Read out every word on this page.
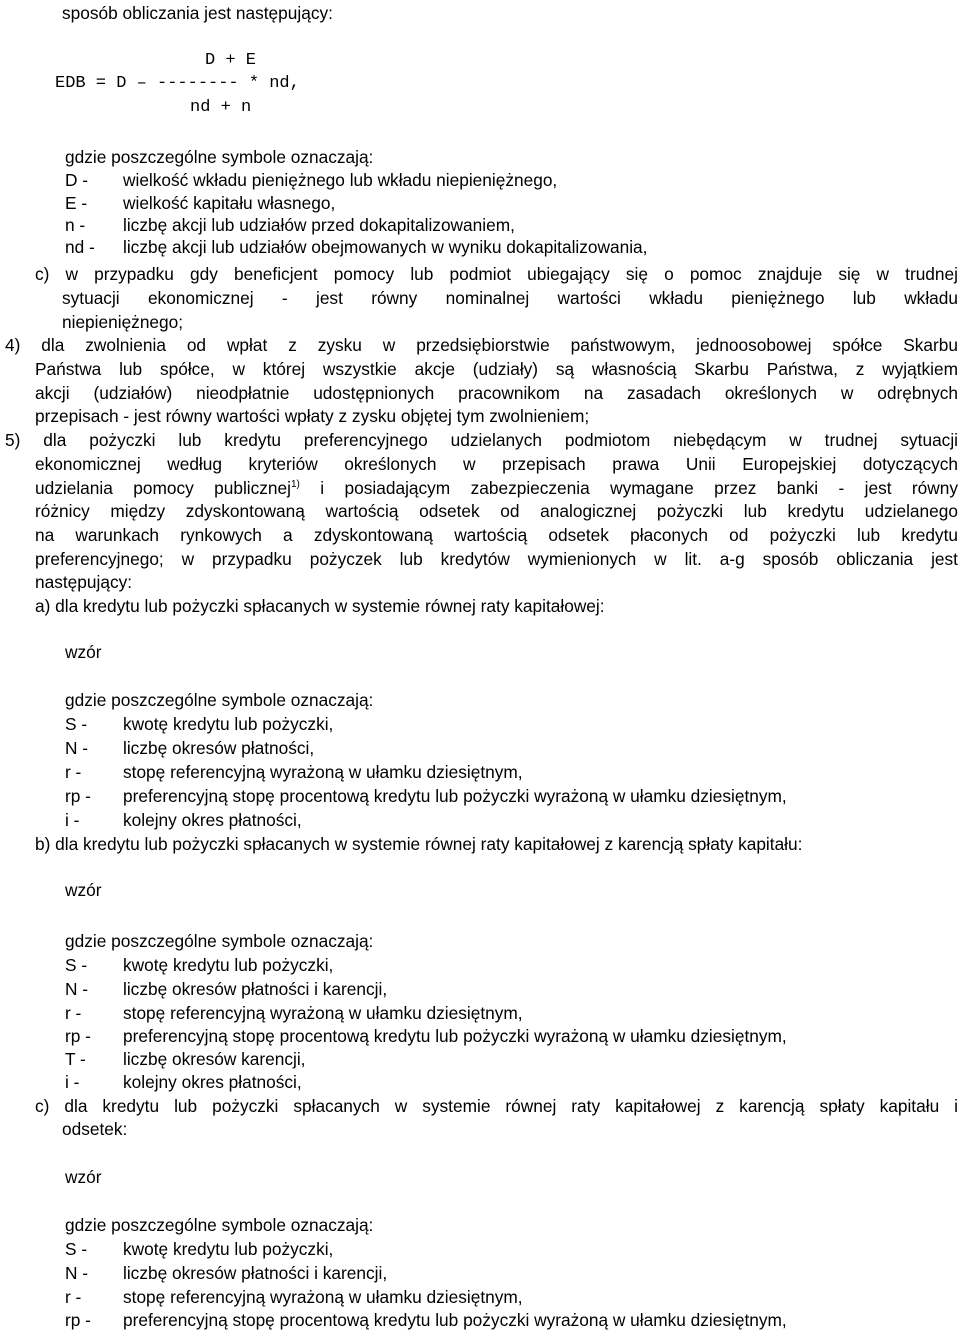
sposób obliczania jest następujący:
D + E
EDB = D – -------- * nd,
nd + n
gdzie poszczególne symbole oznaczają:
D - wielkość wkładu pieniężnego lub wkładu niepieniężnego,
E - wielkość kapitału własnego,
n - liczbę akcji lub udziałów przed dokapitalizowaniem,
nd - liczbę akcji lub udziałów obejmowanych w wyniku dokapitalizowania,
c) w przypadku gdy beneficjent pomocy lub podmiot ubiegający się o pomoc znajduje się w trudnej
sytuacji ekonomicznej - jest równy nominalnej wartości wkładu pieniężnego lub wkładu
niepieniężnego;
4) dla zwolnienia od wpłat z zysku w przedsiębiorstwie państwowym, jednoosobowej spółce Skarbu
Państwa lub spółce, w której wszystkie akcje (udziały) są własnością Skarbu Państwa, z wyjątkiem
akcji (udziałów) nieodpłatnie udostępnionych pracownikom na zasadach określonych w odrębnych
przepisach - jest równy wartości wpłaty z zysku objętej tym zwolnieniem;
5) dla pożyczki lub kredytu preferencyjnego udzielanych podmiotom niebędącym w trudnej sytuacji
ekonomicznej według kryteriów określonych w przepisach prawa Unii Europejskiej dotyczących
udzielania pomocy publicznej$^{1)}$ i posiadającym zabezpieczenia wymagane przez banki - jest równy
różnicy między zdyskontowaną wartością odsetek od analogicznej pożyczki lub kredytu udzielanego
na warunkach rynkowych a zdyskontowaną wartością odsetek płaconych od pożyczki lub kredytu
preferencyjnego; w przypadku pożyczek lub kredytów wymienionych w lit. a-g sposób obliczania jest
następujący:
a) dla kredytu lub pożyczki spłacanych w systemie równej raty kapitałowej:
wzór
gdzie poszczególne symbole oznaczają:
S - kwotę kredytu lub pożyczki,
N - liczbę okresów płatności,
r - stopę referencyjną wyrażoną w ułamku dziesiętnym,
rp - preferencyjną stopę procentową kredytu lub pożyczki wyrażoną w ułamku dziesiętnym,
i -	kolejny okres płatności,
b) dla kredytu lub pożyczki spłacanych w systemie równej raty kapitałowej z karencją spłaty kapitału:
wzór
gdzie poszczególne symbole oznaczają:
S - kwotę kredytu lub pożyczki,
N - liczbę okresów płatności i karencji,
r - stopę referencyjną wyrażoną w ułamku dziesiętnym,
rp - preferencyjną stopę procentową kredytu lub pożyczki wyrażoną w ułamku dziesiętnym,
T - liczbę okresów karencji,
i -	kolejny okres płatności,
c) dla kredytu lub pożyczki spłacanych w systemie równej raty kapitałowej z karencją spłaty kapitału i
odsetek:
wzór
gdzie poszczególne symbole oznaczają:
S - kwotę kredytu lub pożyczki,
N - liczbę okresów płatności i karencji,
r - stopę referencyjną wyrażoną w ułamku dziesiętnym,
rp - preferencyjną stopę procentową kredytu lub pożyczki wyrażoną w ułamku dziesiętnym,
